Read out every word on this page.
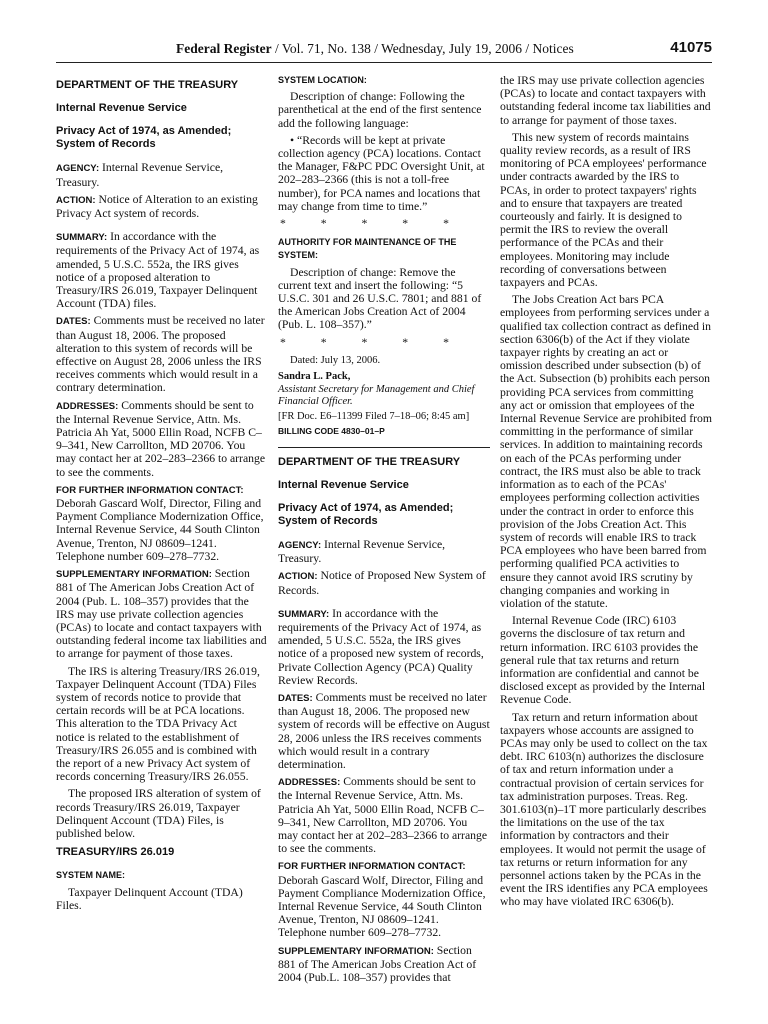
Federal Register / Vol. 71, No. 138 / Wednesday, July 19, 2006 / Notices	41075
DEPARTMENT OF THE TREASURY
Internal Revenue Service
Privacy Act of 1974, as Amended; System of Records

AGENCY: Internal Revenue Service, Treasury.

ACTION: Notice of Alteration to an existing Privacy Act system of records.

SUMMARY: In accordance with the requirements of the Privacy Act of 1974, as amended, 5 U.S.C. 552a, the IRS gives notice of a proposed alteration to Treasury/IRS 26.019, Taxpayer Delinquent Account (TDA) files.

DATES: Comments must be received no later than August 18, 2006. The proposed alteration to this system of records will be effective on August 28, 2006 unless the IRS receives comments which would result in a contrary determination.

ADDRESSES: Comments should be sent to the Internal Revenue Service, Attn. Ms. Patricia Ah Yat, 5000 Ellin Road, NCFB C–9–341, New Carrollton, MD 20706. You may contact her at 202–283–2366 to arrange to see the comments.

FOR FURTHER INFORMATION CONTACT: Deborah Gascard Wolf, Director, Filing and Payment Compliance Modernization Office, Internal Revenue Service, 44 South Clinton Avenue, Trenton, NJ 08609–1241. Telephone number 609–278–7732.

SUPPLEMENTARY INFORMATION: Section 881 of The American Jobs Creation Act of 2004 (Pub. L. 108–357) provides that the IRS may use private collection agencies (PCAs) to locate and contact taxpayers with outstanding federal income tax liabilities and to arrange for payment of those taxes.

The IRS is altering Treasury/IRS 26.019, Taxpayer Delinquent Account (TDA) Files system of records notice to provide that certain records will be at PCA locations. This alteration to the TDA Privacy Act notice is related to the establishment of Treasury/IRS 26.055 and is combined with the report of a new Privacy Act system of records concerning Treasury/IRS 26.055.

The proposed IRS alteration of system of records Treasury/IRS 26.019, Taxpayer Delinquent Account (TDA) Files, is published below.

TREASURY/IRS 26.019
SYSTEM NAME:

Taxpayer Delinquent Account (TDA) Files.

SYSTEM LOCATION:

Description of change: Following the parenthetical at the end of the first sentence add the following language:

• “Records will be kept at private collection agency (PCA) locations. Contact the Manager, F&PC PDC Oversight Unit, at 202–283–2366 (this is not a toll-free number), for PCA names and locations that may change from time to time.”

* * * * *
AUTHORITY FOR MAINTENANCE OF THE SYSTEM:

Description of change: Remove the current text and insert the following: “5 U.S.C. 301 and 26 U.S.C. 7801; and 881 of the American Jobs Creation Act of 2004 (Pub. L. 108–357).”

* * * * *

Dated: July 13, 2006.

Sandra L. Pack,

Assistant Secretary for Management and Chief Financial Officer.

[FR Doc. E6–11399 Filed 7–18–06; 8:45 am]

BILLING CODE 4830–01–P
DEPARTMENT OF THE TREASURY
Internal Revenue Service
Privacy Act of 1974, as Amended; System of Records

AGENCY: Internal Revenue Service, Treasury.

ACTION: Notice of Proposed New System of Records.

SUMMARY: In accordance with the requirements of the Privacy Act of 1974, as amended, 5 U.S.C. 552a, the IRS gives notice of a proposed new system of records, Private Collection Agency (PCA) Quality Review Records.

DATES: Comments must be received no later than August 18, 2006. The proposed new system of records will be effective on August 28, 2006 unless the IRS receives comments which would result in a contrary determination.

ADDRESSES: Comments should be sent to the Internal Revenue Service, Attn. Ms. Patricia Ah Yat, 5000 Ellin Road, NCFB C–9–341, New Carrollton, MD 20706. You may contact her at 202–283–2366 to arrange to see the comments.

FOR FURTHER INFORMATION CONTACT: Deborah Gascard Wolf, Director, Filing and Payment Compliance Modernization Office, Internal Revenue Service, 44 South Clinton Avenue, Trenton, NJ 08609–1241. Telephone number 609–278–7732.

SUPPLEMENTARY INFORMATION: Section 881 of The American Jobs Creation Act of 2004 (Pub.L. 108–357) provides that

the IRS may use private collection agencies (PCAs) to locate and contact taxpayers with outstanding federal income tax liabilities and to arrange for payment of those taxes.

This new system of records maintains quality review records, as a result of IRS monitoring of PCA employees' performance under contracts awarded by the IRS to PCAs, in order to protect taxpayers' rights and to ensure that taxpayers are treated courteously and fairly. It is designed to permit the IRS to review the overall performance of the PCAs and their employees. Monitoring may include recording of conversations between taxpayers and PCAs.

The Jobs Creation Act bars PCA employees from performing services under a qualified tax collection contract as defined in section 6306(b) of the Act if they violate taxpayer rights by creating an act or omission described under subsection (b) of the Act. Subsection (b) prohibits each person providing PCA services from committing any act or omission that employees of the Internal Revenue Service are prohibited from committing in the performance of similar services. In addition to maintaining records on each of the PCAs performing under contract, the IRS must also be able to track information as to each of the PCAs' employees performing collection activities under the contract in order to enforce this provision of the Jobs Creation Act. This system of records will enable IRS to track PCA employees who have been barred from performing qualified PCA activities to ensure they cannot avoid IRS scrutiny by changing companies and working in violation of the statute.

Internal Revenue Code (IRC) 6103 governs the disclosure of tax return and return information. IRC 6103 provides the general rule that tax returns and return information are confidential and cannot be disclosed except as provided by the Internal Revenue Code.

Tax return and return information about taxpayers whose accounts are assigned to PCAs may only be used to collect on the tax debt. IRC 6103(n) authorizes the disclosure of tax and return information under a contractual provision of certain services for tax administration purposes. Treas. Reg. 301.6103(n)–1T more particularly describes the limitations on the use of the tax information by contractors and their employees. It would not permit the usage of tax returns or return information for any personnel actions taken by the PCAs in the event the IRS identifies any PCA employees who may have violated IRC 6306(b).
